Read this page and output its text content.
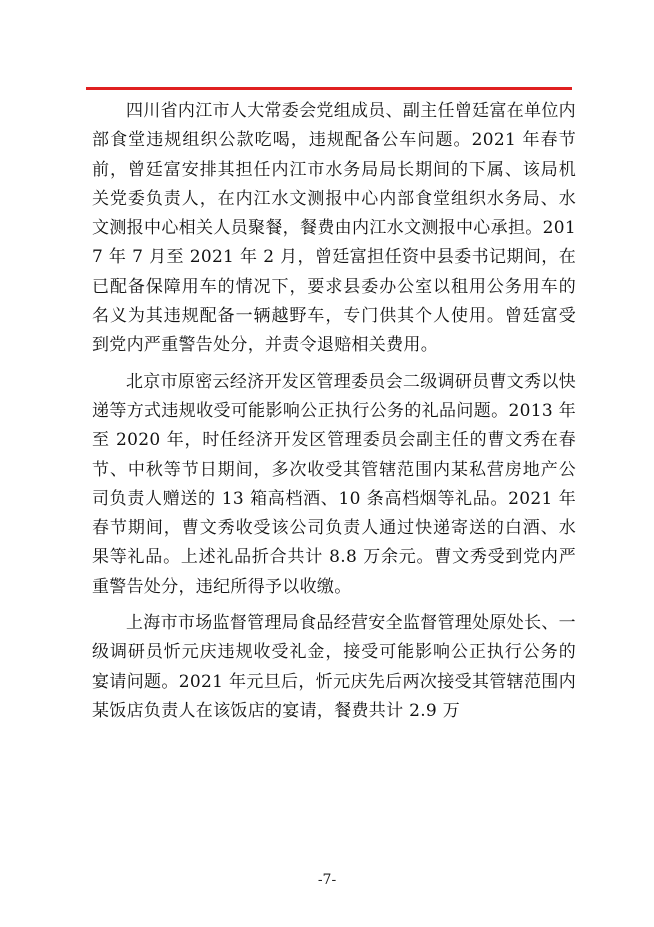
四川省内江市人大常委会党组成员、副主任曾廷富在单位内部食堂违规组织公款吃喝，违规配备公车问题。2021 年春节前，曾廷富安排其担任内江市水务局局长期间的下属、该局机关党委负责人，在内江水文测报中心内部食堂组织水务局、水文测报中心相关人员聚餐，餐费由内江水文测报中心承担。2017 年 7 月至 2021 年 2 月，曾廷富担任资中县委书记期间，在已配备保障用车的情况下，要求县委办公室以租用公务用车的名义为其违规配备一辆越野车，专门供其个人使用。曾廷富受到党内严重警告处分，并责令退赔相关费用。

北京市原密云经济开发区管理委员会二级调研员曹文秀以快递等方式违规收受可能影响公正执行公务的礼品问题。2013 年至 2020 年，时任经济开发区管理委员会副主任的曹文秀在春节、中秋等节日期间，多次收受其管辖范围内某私营房地产公司负责人赠送的 13 箱高档酒、10 条高档烟等礼品。2021 年春节期间，曹文秀收受该公司负责人通过快递寄送的白酒、水果等礼品。上述礼品折合共计 8.8 万余元。曹文秀受到党内严重警告处分，违纪所得予以收缴。

上海市市场监督管理局食品经营安全监督管理处原处长、一级调研员忻元庆违规收受礼金，接受可能影响公正执行公务的宴请问题。2021 年元旦后，忻元庆先后两次接受其管辖范围内某饭店负责人在该饭店的宴请，餐费共计 2.9 万

-7-
